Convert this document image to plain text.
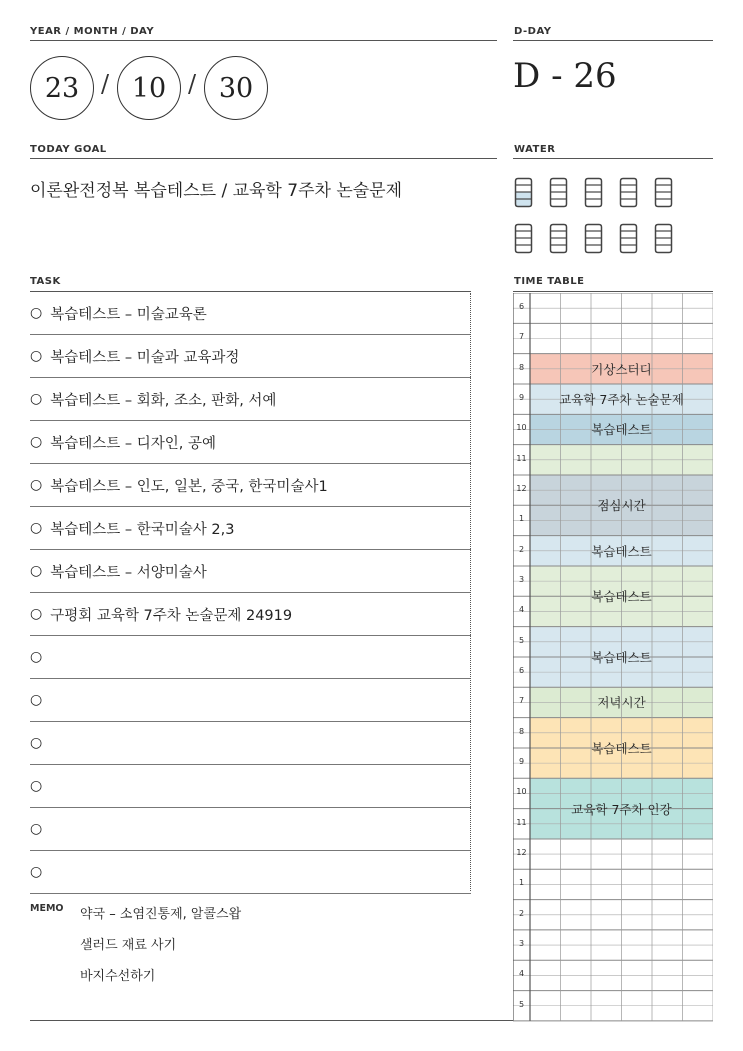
YEAR / MONTH / DAY	D-DAY
23 / 10 / 30	D - 26
TODAY GOAL
이론완전정복 복습테스트 / 교육학 7주차 논술문제
WATER
TASK
○ 복습테스트 – 미술교육론
○ 복습테스트 – 미술과 교육과정
○ 복습테스트 – 회화, 조소, 판화, 서예
○ 복습테스트 – 디자인, 공예
○ 복습테스트 – 인도, 일본, 중국, 한국미술사1
○ 복습테스트 – 한국미술사 2,3
○ 복습테스트 – 서양미술사
○ 구평회 교육학 7주차 논술문제 24919
○
○
○
○
○
○
MEMO 약국 – 소염진통제, 알콜스왑
샐러드 재료 사기
바지수선하기
TIME TABLE
6
7
8
9
10
11
12
1
2
3
4
5
6
7
8
9
10
11
12
1
2
3
4
5
기상스터디
교육학 7주차 논술문제
복습테스트
점심시간
복습테스트
복습테스트
복습테스트
저녁시간
복습테스트
교육학 7주차 인강
